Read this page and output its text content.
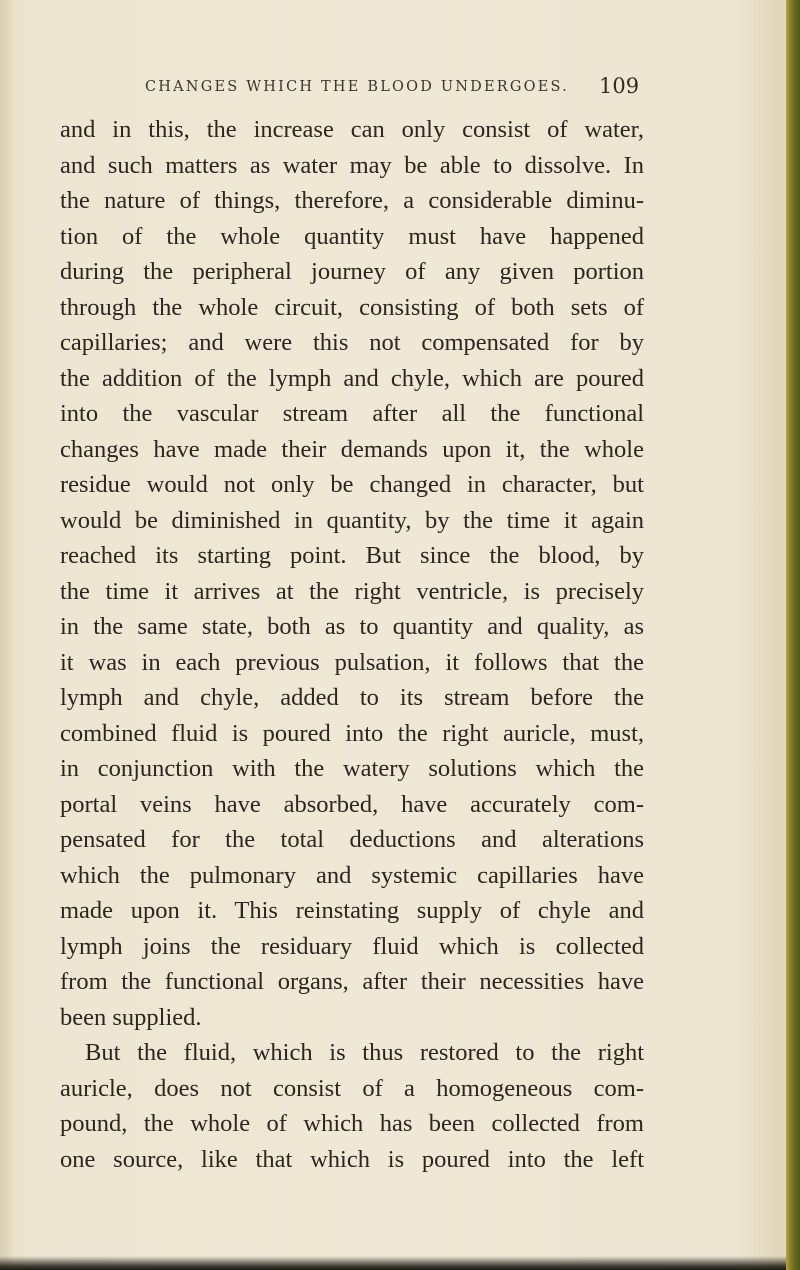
CHANGES WHICH THE BLOOD UNDERGOES. 109
and in this, the increase can only consist of water,
and such matters as water may be able to dissolve. In
the nature of things, therefore, a considerable diminu-
tion of the whole quantity must have happened
during the peripheral journey of any given portion
through the whole circuit, consisting of both sets of
capillaries; and were this not compensated for by
the addition of the lymph and chyle, which are poured
into the vascular stream after all the functional
changes have made their demands upon it, the whole
residue would not only be changed in character, but
would be diminished in quantity, by the time it again
reached its starting point. But since the blood, by
the time it arrives at the right ventricle, is precisely
in the same state, both as to quantity and quality, as
it was in each previous pulsation, it follows that the
lymph and chyle, added to its stream before the
combined fluid is poured into the right auricle, must,
in conjunction with the watery solutions which the
portal veins have absorbed, have accurately com-
pensated for the total deductions and alterations
which the pulmonary and systemic capillaries have
made upon it. This reinstating supply of chyle and
lymph joins the residuary fluid which is collected
from the functional organs, after their necessities have
been supplied.
But the fluid, which is thus restored to the right
auricle, does not consist of a homogeneous com-
pound, the whole of which has been collected from
one source, like that which is poured into the left
